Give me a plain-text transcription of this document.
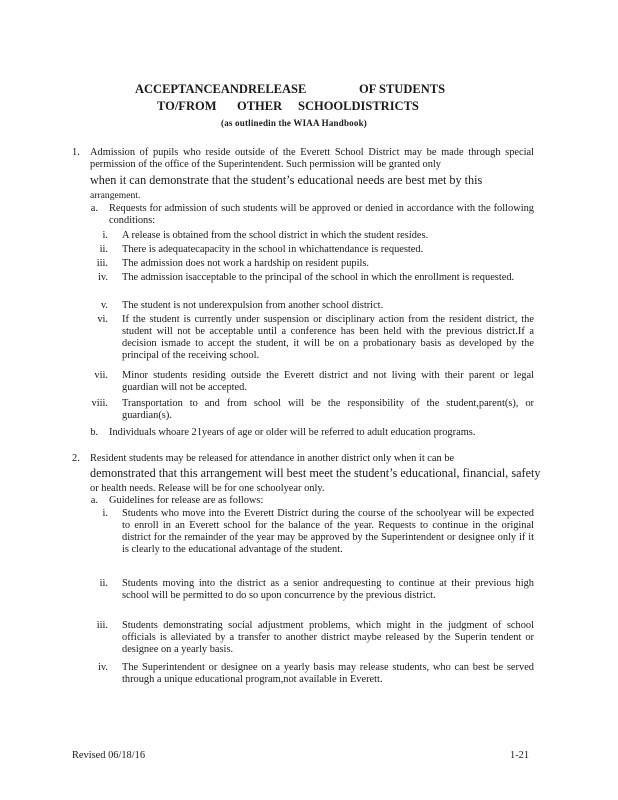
ACCEPTANCEANDRELEASE	OF STUDENTS
TO/FROM OTHER SCHOOLDISTRICTS
(as outlinedin the WIAA Handbook)
1. Admission of pupils who reside outside of the Everett School District may be made through special permission of the office of the Superintendent. Such permission will be granted only
when it can demonstrate that the student’s educational needs are best met by this
arrangement.
a. Requests for admission of such students will be approved or denied in accordance with the following conditions:
i. A release is obtained from the school district in which the student resides.
ii. There is adequatecapacity in the school in whichattendance is requested.
iii. The admission does not work a hardship on resident pupils.
iv. The admission isacceptable to the principal of the school in which the enrollment is requested.
v. The student is not underexpulsion from another school district.
vi. If the student is currently under suspension or disciplinary action from the resident district, the student will not be acceptable until a conference has been held with the previous district.If a decision ismade to accept the student, it will be on a probationary basis as developed by the principal of the receiving school.
vii. Minor students residing outside the Everett district and not living with their parent or legal guardian will not be accepted.
viii. Transportation to and from school will be the responsibility of the student,parent(s), or guardian(s).
b. Individuals whoare 21years of age or older will be referred to adult education programs.
2. Resident students may be released for attendance in another district only when it can be
demonstrated that this arrangement will best meet the student’s educational, financial, safety
or health needs. Release will be for one schoolyear only.
a. Guidelines for release are as follows:
i. Students who move into the Everett District during the course of the schoolyear will be expected to enroll in an Everett school for the balance of the year. Requests to continue in the original district for the remainder of the year may be approved by the Superintendent or designee only if it is clearly to the educational advantage of the student.
ii. Students moving into the district as a senior andrequesting to continue at their previous high school will be permitted to do so upon concurrence by the previous district.
iii. Students demonstrating social adjustment problems, which might in the judgment of school officials is alleviated by a transfer to another district maybe released by the Superin tendent or designee on a yearly basis.
iv. The Superintendent or designee on a yearly basis may release students, who can best be served through a unique educational program,not available in Everett.
Revised 06/18/16	1-21
